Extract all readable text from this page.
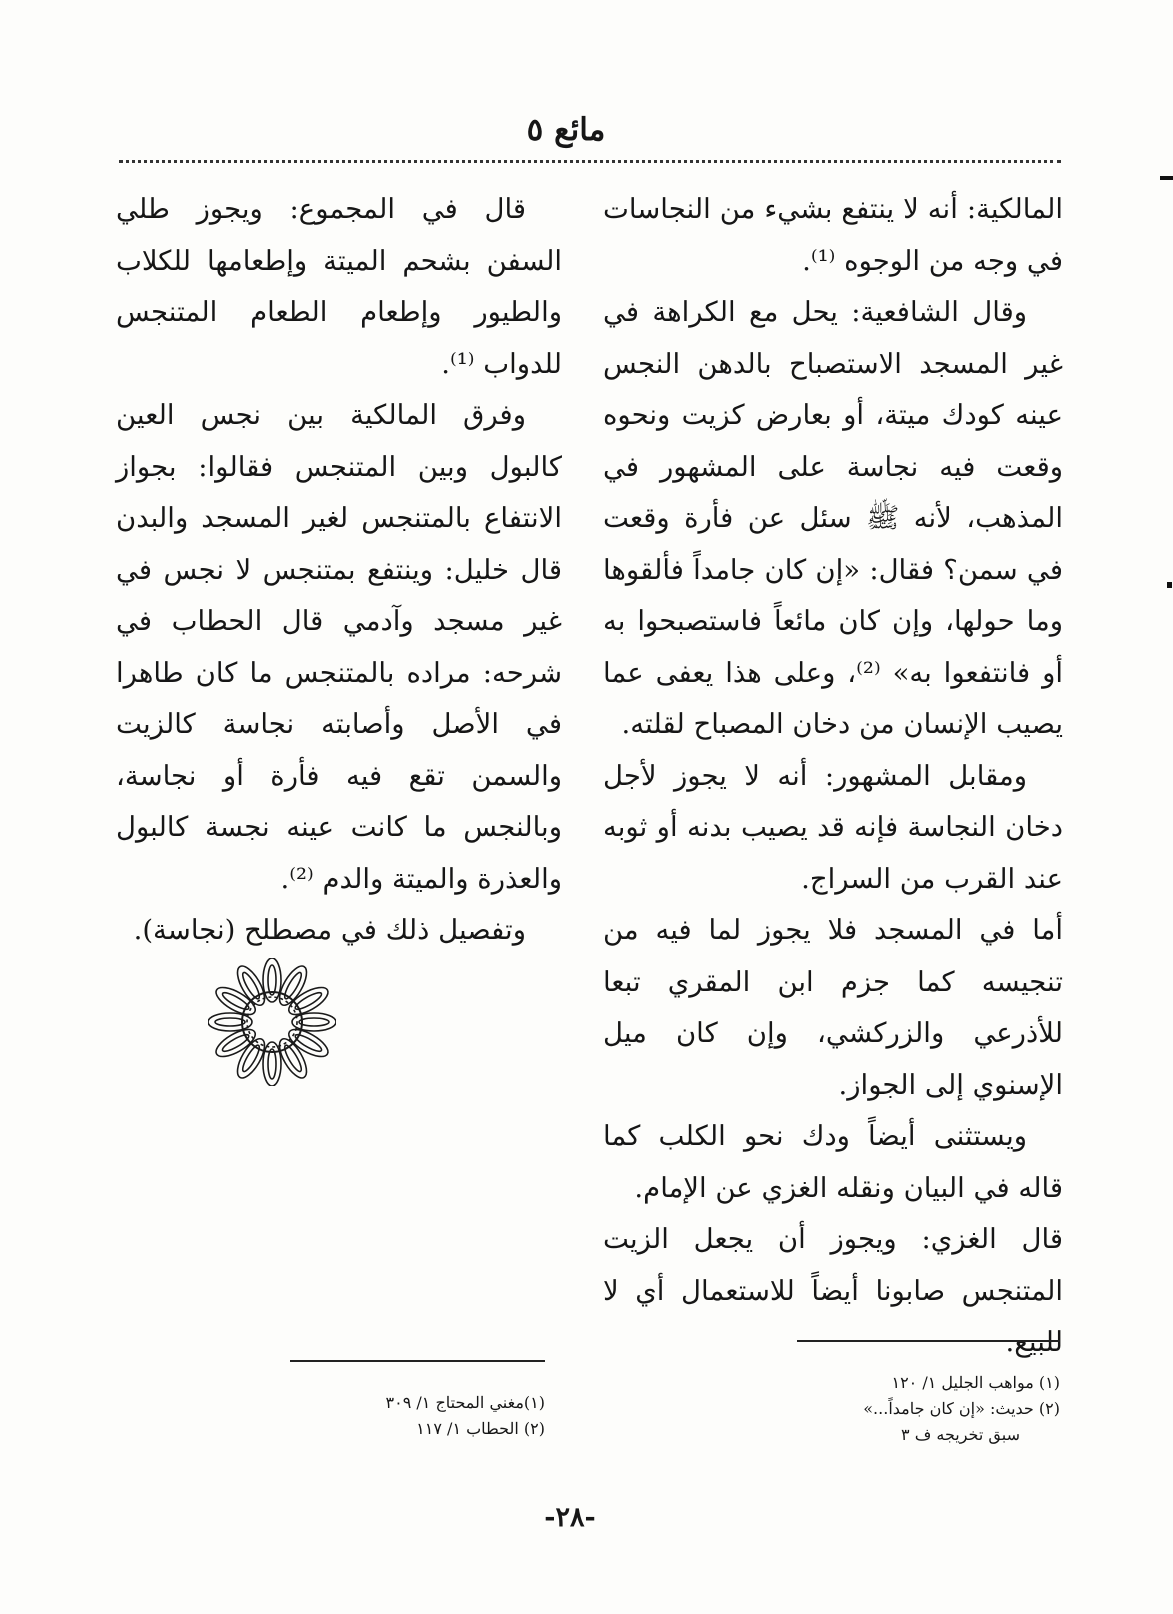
مائع ٥

المالكية: أنه لا ينتفع بشيء من النجاسات في وجه من الوجوه ⁽¹⁾.

وقال الشافعية: يحل مع الكراهة في غير المسجد الاستصباح بالدهن النجس عينه كودك ميتة، أو بعارض كزيت ونحوه وقعت فيه نجاسة على المشهور في المذهب، لأنه ﷺ سئل عن فأرة وقعت في سمن؟ فقال: «إن كان جامداً فألقوها وما حولها، وإن كان مائعاً فاستصبحوا به أو فانتفعوا به» ⁽²⁾، وعلى هذا يعفى عما يصيب الإنسان من دخان المصباح لقلته.

ومقابل المشهور: أنه لا يجوز لأجل دخان النجاسة فإنه قد يصيب بدنه أو ثوبه عند القرب من السراج.

أما في المسجد فلا يجوز لما فيه من تنجيسه كما جزم ابن المقري تبعا للأذرعي والزركشي، وإن كان ميل الإسنوي إلى الجواز.

ويستثنى أيضاً ودك نحو الكلب كما قاله في البيان ونقله الغزي عن الإمام.

قال الغزي: ويجوز أن يجعل الزيت المتنجس صابونا أيضاً للاستعمال أي لا للبيع.

قال في المجموع: ويجوز طلي السفن بشحم الميتة وإطعامها للكلاب والطيور وإطعام الطعام المتنجس للدواب ⁽¹⁾.

وفرق المالكية بين نجس العين كالبول وبين المتنجس فقالوا: بجواز الانتفاع بالمتنجس لغير المسجد والبدن قال خليل: وينتفع بمتنجس لا نجس في غير مسجد وآدمي قال الحطاب في شرحه: مراده بالمتنجس ما كان طاهرا في الأصل وأصابته نجاسة كالزيت والسمن تقع فيه فأرة أو نجاسة، وبالنجس ما كانت عينه نجسة كالبول والعذرة والميتة والدم ⁽²⁾.

وتفصيل ذلك في مصطلح (نجاسة).

(١) مواهب الجليل ١/ ١٢٠

(٢) حديث: «إن كان جامداً...»

سبق تخريجه ف ٣

(١)مغني المحتاج ١/ ٣٠٩

(٢) الحطاب ١/ ١١٧

-٢٨-
